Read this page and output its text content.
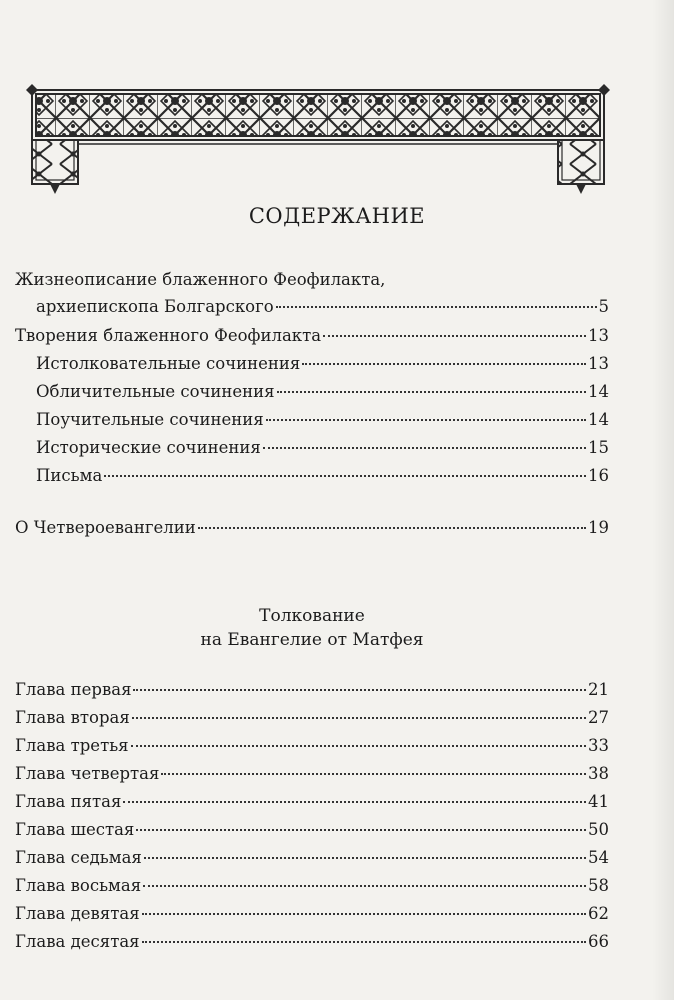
СОДЕРЖАНИЕ
Жизнеописание блаженного Феофилакта,
архиепископа Болгарского	5
Творения блаженного Феофилакта	13
Истолковательные сочинения	13
Обличительные сочинения	14
Поучительные сочинения	14
Исторические сочинения	15
Письма	16
О Четвероевангелии	19
Толкование
на Евангелие от Матфея
Глава первая	21
Глава вторая	27
Глава третья	33
Глава четвертая	38
Глава пятая	41
Глава шестая	50
Глава седьмая	54
Глава восьмая	58
Глава девятая	62
Глава десятая	66
